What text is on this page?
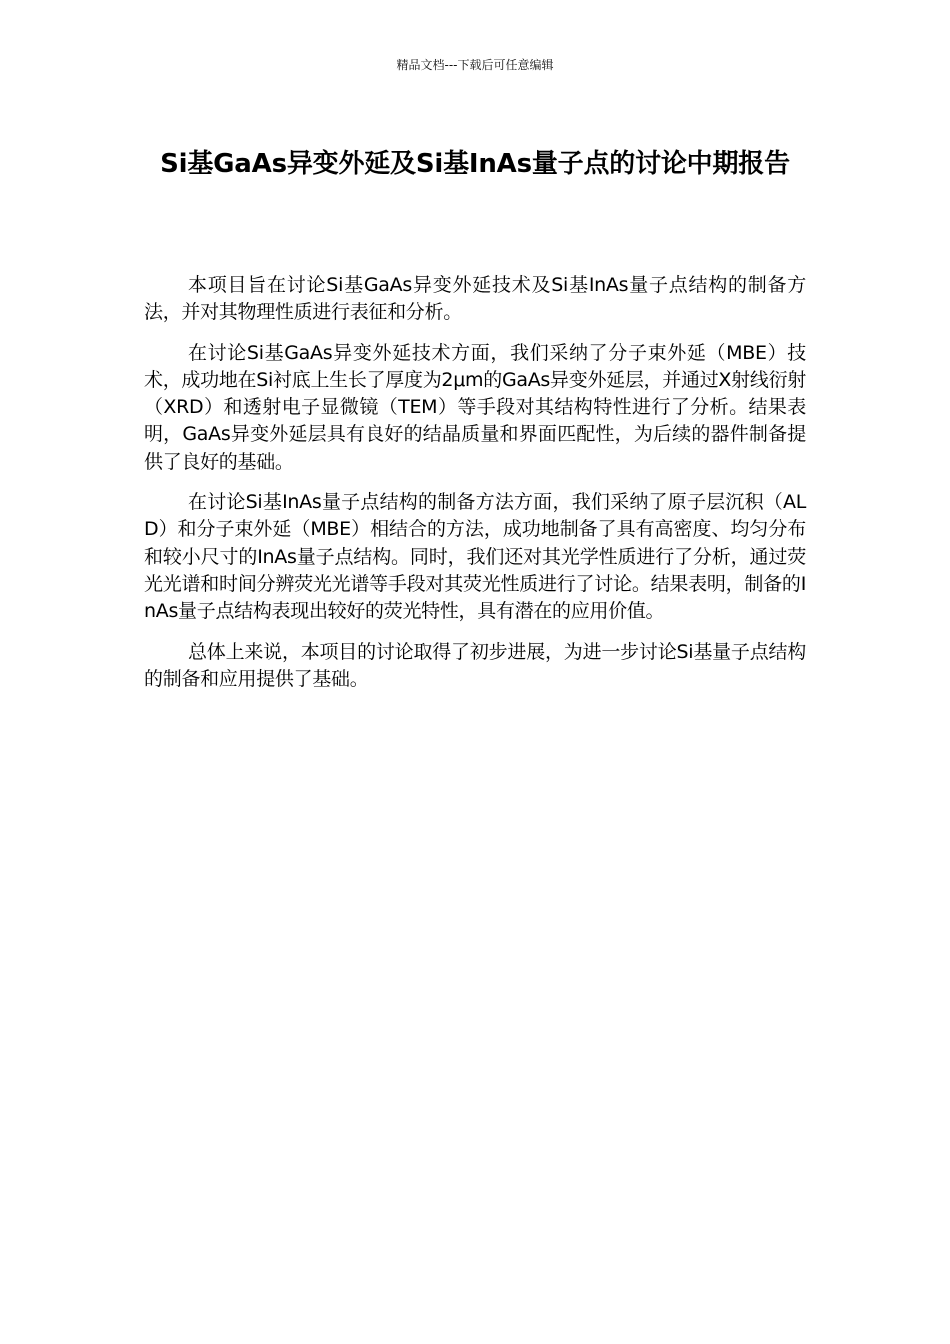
精品文档---下载后可任意编辑
Si基GaAs异变外延及Si基InAs量子点的讨论中期报告

本项目旨在讨论Si基GaAs异变外延技术及Si基InAs量子点结构的制备方法，并对其物理性质进行表征和分析。

在讨论Si基GaAs异变外延技术方面，我们采纳了分子束外延（MBE）技术，成功地在Si衬底上生长了厚度为2μm的GaAs异变外延层，并通过X射线衍射（XRD）和透射电子显微镜（TEM）等手段对其结构特性进行了分析。结果表明，GaAs异变外延层具有良好的结晶质量和界面匹配性，为后续的器件制备提供了良好的基础。

在讨论Si基InAs量子点结构的制备方法方面，我们采纳了原子层沉积（ALD）和分子束外延（MBE）相结合的方法，成功地制备了具有高密度、均匀分布和较小尺寸的InAs量子点结构。同时，我们还对其光学性质进行了分析，通过荧光光谱和时间分辨荧光光谱等手段对其荧光性质进行了讨论。结果表明，制备的InAs量子点结构表现出较好的荧光特性，具有潜在的应用价值。

总体上来说，本项目的讨论取得了初步进展，为进一步讨论Si基量子点结构的制备和应用提供了基础。
